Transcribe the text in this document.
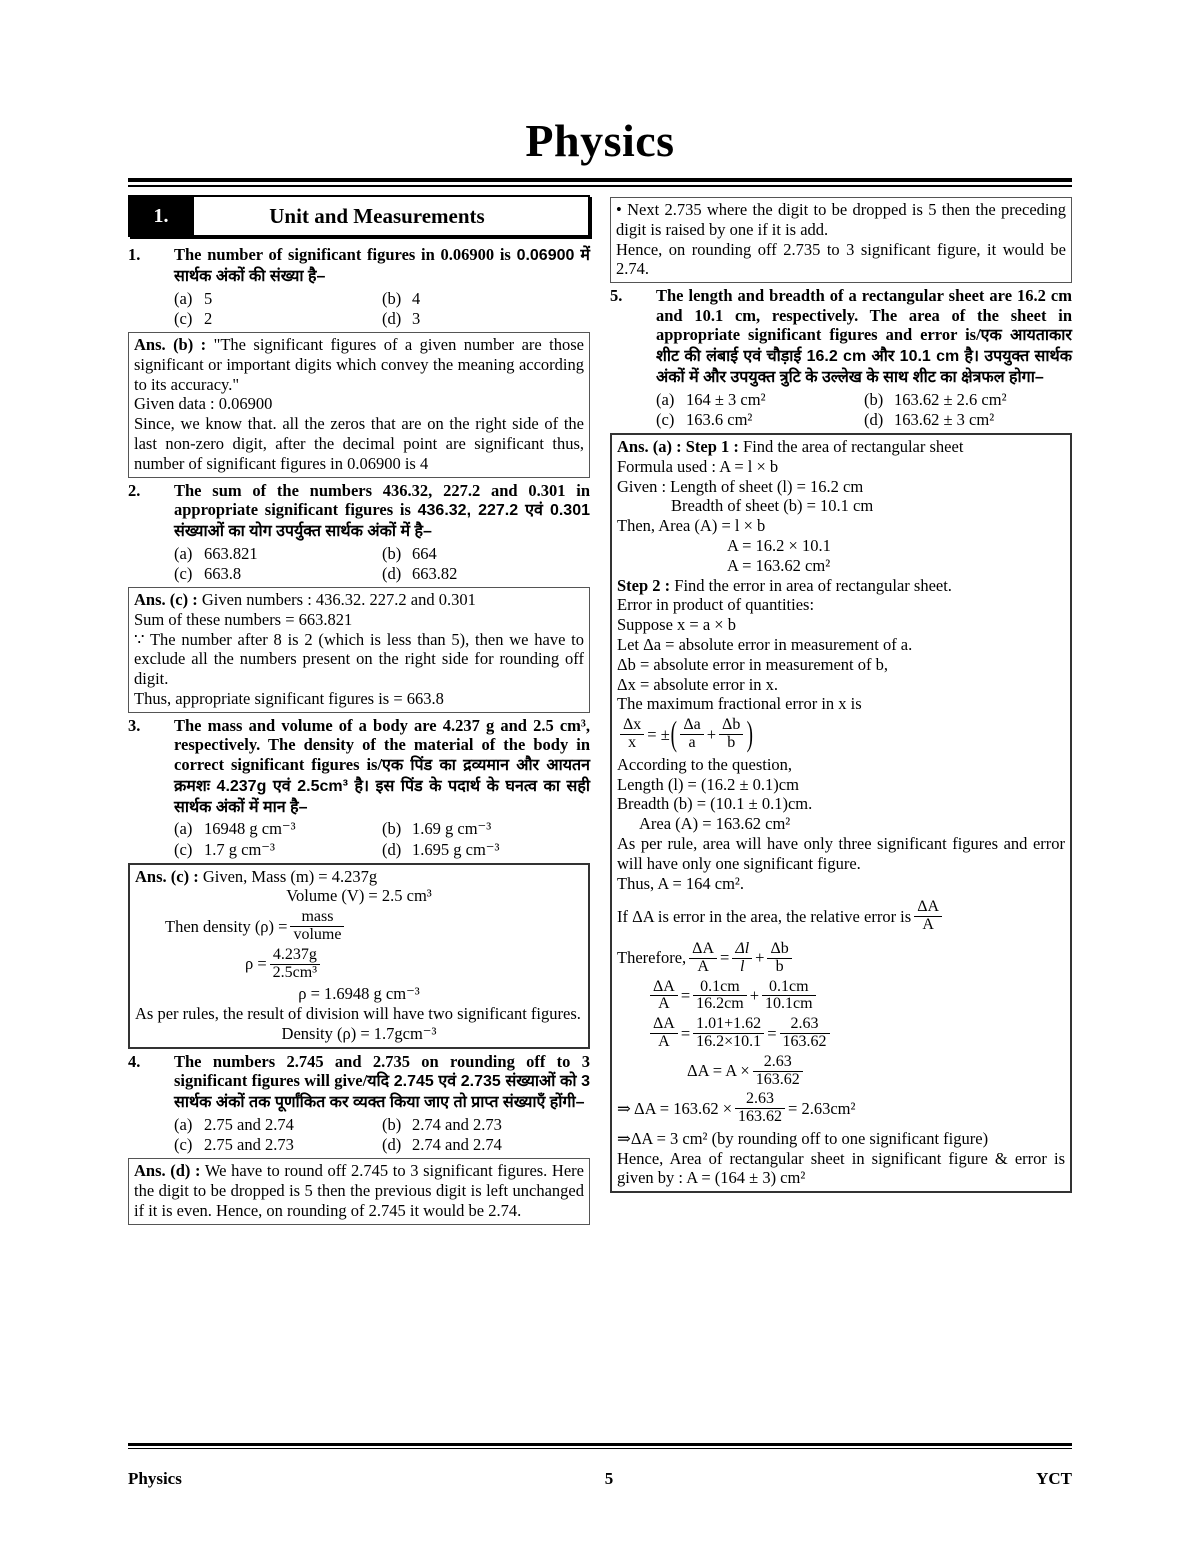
Physics
1.	Unit and Measurements
1.	The number of significant figures in 0.06900 is 0.06900 में सार्थक अंकों की संख्या है–
(a) 5	(b) 4
(c) 2	(d) 3

Ans. (b) : "The significant figures of a given number are those significant or important digits which convey the meaning according to its accuracy."

Given data : 0.06900

Since, we know that. all the zeros that are on the right side of the last non-zero digit, after the decimal point are significant thus, number of significant figures in 0.06900 is 4

2.	The sum of the numbers 436.32, 227.2 and 0.301 in appropriate significant figures is 436.32, 227.2 एवं 0.301 संख्याओं का योग उपर्युक्त सार्थक अंकों में है–
(a) 663.821	(b) 664
(c) 663.8	(d) 663.82

Ans. (c) : Given numbers : 436.32. 227.2 and 0.301

Sum of these numbers = 663.821

∵ The number after 8 is 2 (which is less than 5), then we have to exclude all the numbers present on the right side for rounding off digit.

Thus, appropriate significant figures is = 663.8

3.	The mass and volume of a body are 4.237 g and 2.5 cm³, respectively. The density of the material of the body in correct significant figures is/एक पिंड का द्रव्यमान और आयतन क्रमशः 4.237g एवं 2.5cm³ है। इस पिंड के पदार्थ के घनत्व का सही सार्थक अंकों में मान है–
(a) 16948 g cm⁻³	(b) 1.69 g cm⁻³
(c) 1.7 g cm⁻³	(d) 1.695 g cm⁻³

Ans. (c) : Given, Mass (m) = 4.237g

Volume (V) = 2.5 cm³

Then density $(\rho) = \frac{\text{mass}}{\text{volume}}$
$\rho = \frac{4.237g}{\text{2.5cm³}}$

ρ = 1.6948 g cm⁻³

As per rules, the result of division will have two significant figures.

Density (ρ) = 1.7gcm⁻³

4.	The numbers 2.745 and 2.735 on rounding off to 3 significant figures will give/यदि 2.745 एवं 2.735 संख्याओं को 3 सार्थक अंकों तक पूर्णांकित कर व्यक्त किया जाए तो प्राप्त संख्याएँ होंगी–
(a) 2.75 and 2.74	(b) 2.74 and 2.73
(c) 2.75 and 2.73	(d) 2.74 and 2.74

Ans. (d) : We have to round off 2.745 to 3 significant figures. Here the digit to be dropped is 5 then the previous digit is left unchanged if it is even. Hence, on rounding of 2.745 it would be 2.74.

• Next 2.735 where the digit to be dropped is 5 then the preceding digit is raised by one if it is add.

Hence, on rounding off 2.735 to 3 significant figure, it would be 2.74.

5.	The length and breadth of a rectangular sheet are 16.2 cm and 10.1 cm, respectively. The area of the sheet in appropriate significant figures and error is/एक आयताकार शीट की लंबाई एवं चौड़ाई 16.2 cm और 10.1 cm है। उपयुक्त सार्थक अंकों में और उपयुक्त त्रुटि के उल्लेख के साथ शीट का क्षेत्रफल होगा–
(a) 164 ± 3 cm²	(b) 163.62 ± 2.6 cm²
(c) 163.6 cm²	(d) 163.62 ± 3 cm²

Ans. (a) : Step 1 : Find the area of rectangular sheet

Formula used : A = l × b

Given : Length of sheet (l) = 16.2 cm

Breadth of sheet (b) = 10.1 cm

Then, Area (A) = l × b

A = 16.2 × 10.1

A = 163.62 cm²

Step 2 : Find the error in area of rectangular sheet.

Error in product of quantities:

Suppose x = a × b

Let Δa = absolute error in measurement of a.

Δb = absolute error in measurement of b,

Δx = absolute error in x.

The maximum fractional error in x is

$\frac{\Delta x}{x}$ = ± ( $\frac{\Delta a}{a} + \frac{\Delta b}{b}$ )

According to the question,

Length (l) = (16.2 ± 0.1)cm

Breadth (b) = (10.1 ± 0.1)cm.

Area (A) = 163.62 cm²

As per rule, area will have only three significant figures and error will have only one significant figure.

Thus, A = 164 cm².

If ΔA is error in the area, the relative error is $\frac{\Delta A}{A}$
Therefore, $\frac{\Delta A}{A} = \frac{\Delta l}{l} + \frac{\Delta b}{b}$
$\frac{\Delta A}{A} = \frac{0.1cm}{16.2cm} + \frac{0.1cm}{10.1cm}$
$\frac{\Delta A}{A} = \frac{1.01+1.62}{16.2\times 10.1} = \frac{2.63}{163.62}$
$\Delta A = A \times \frac{2.63}{163.62}$
⇒ $\Delta A = 163.62 \times \frac{2.63}{163.62} = 2.63cm^2$

⇒ΔA = 3 cm² (by rounding off to one significant figure)

Hence, Area of rectangular sheet in significant figure & error is given by : A = (164 ± 3) cm²

Physics	5	YCT
